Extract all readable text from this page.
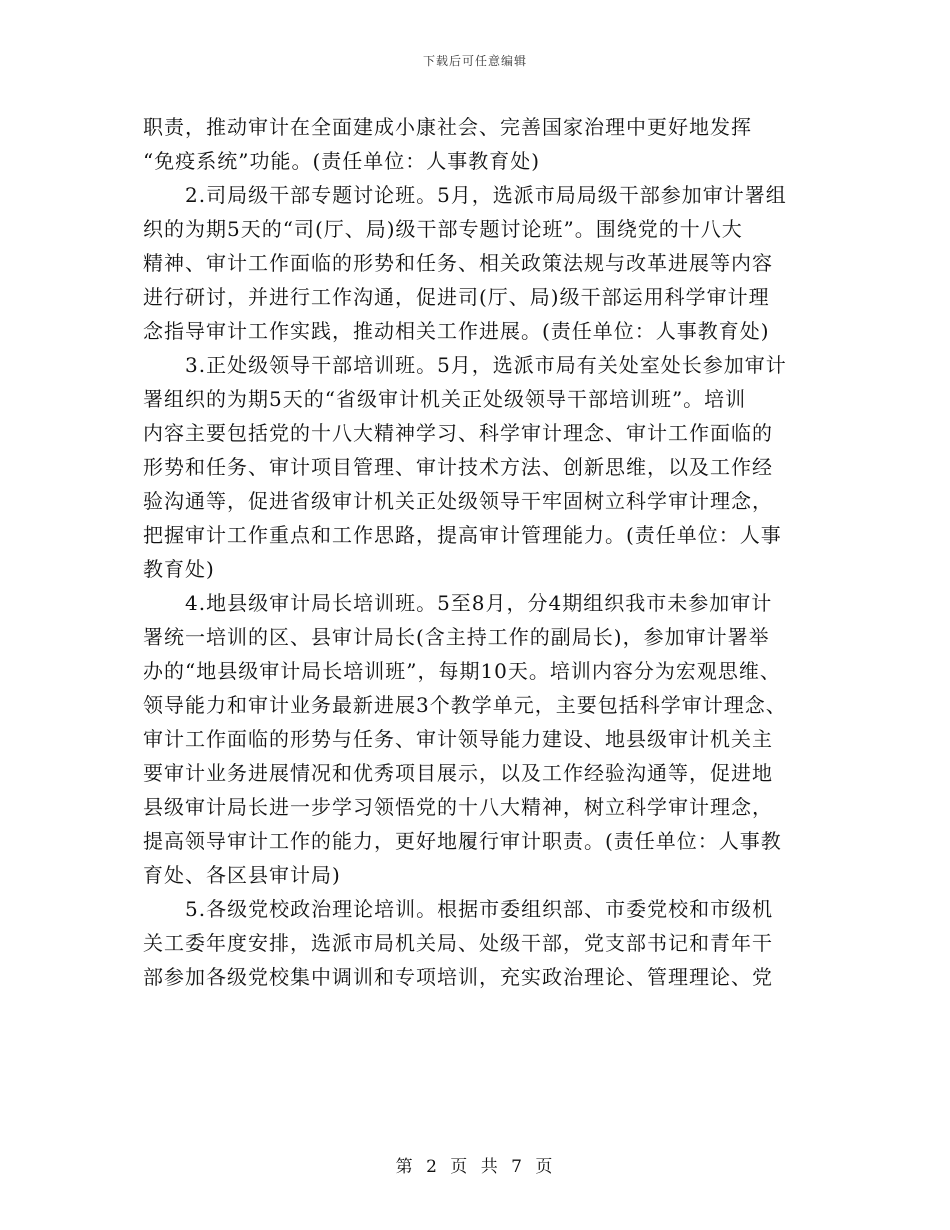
下载后可任意编辑
职责，推动审计在全面建成小康社会、完善国家治理中更好地发挥
“免疫系统”功能。(责任单位：人事教育处)
　　2.司局级干部专题讨论班。5月，选派市局局级干部参加审计署组
织的为期5天的“司(厅、局)级干部专题讨论班”。围绕党的十八大
精神、审计工作面临的形势和任务、相关政策法规与改革进展等内容
进行研讨，并进行工作沟通，促进司(厅、局)级干部运用科学审计理
念指导审计工作实践，推动相关工作进展。(责任单位：人事教育处)
　　3.正处级领导干部培训班。5月，选派市局有关处室处长参加审计
署组织的为期5天的“省级审计机关正处级领导干部培训班”。培训
内容主要包括党的十八大精神学习、科学审计理念、审计工作面临的
形势和任务、审计项目管理、审计技术方法、创新思维，以及工作经
验沟通等，促进省级审计机关正处级领导干牢固树立科学审计理念，
把握审计工作重点和工作思路，提高审计管理能力。(责任单位：人事
教育处)
　　4.地县级审计局长培训班。5至8月，分4期组织我市未参加审计
署统一培训的区、县审计局长(含主持工作的副局长)，参加审计署举
办的“地县级审计局长培训班”，每期10天。培训内容分为宏观思维、
领导能力和审计业务最新进展3个教学单元，主要包括科学审计理念、
审计工作面临的形势与任务、审计领导能力建设、地县级审计机关主
要审计业务进展情况和优秀项目展示，以及工作经验沟通等，促进地
县级审计局长进一步学习领悟党的十八大精神，树立科学审计理念，
提高领导审计工作的能力，更好地履行审计职责。(责任单位：人事教
育处、各区县审计局)
　　5.各级党校政治理论培训。根据市委组织部、市委党校和市级机
关工委年度安排，选派市局机关局、处级干部，党支部书记和青年干
部参加各级党校集中调训和专项培训，充实政治理论、管理理论、党
第 2 页 共 7 页
